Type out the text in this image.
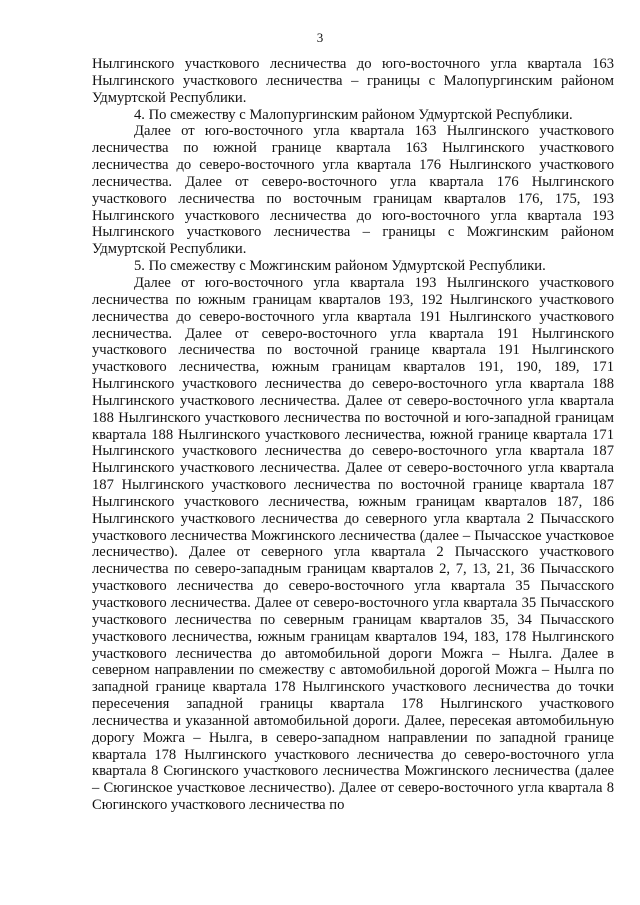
3

Нылгинского участкового лесничества до юго-восточного угла квартала 163 Нылгинского участкового лесничества – границы с Малопургинским районом Удмуртской Республики.

4. По смежеству с Малопургинским районом Удмуртской Республики.

Далее от юго-восточного угла квартала 163 Нылгинского участкового лесничества по южной границе квартала 163 Нылгинского участкового лесничества до северо-восточного угла квартала 176 Нылгинского участкового лесничества. Далее от северо-восточного угла квартала 176 Нылгинского участкового лесничества по восточным границам кварталов 176, 175, 193 Нылгинского участкового лесничества до юго-восточного угла квартала 193 Нылгинского участкового лесничества – границы с Можгинским районом Удмуртской Республики.

5. По смежеству с Можгинским районом Удмуртской Республики.

Далее от юго-восточного угла квартала 193 Нылгинского участкового лесничества по южным границам кварталов 193, 192 Нылгинского участкового лесничества до северо-восточного угла квартала 191 Нылгинского участкового лесничества. Далее от северо-восточного угла квартала 191 Нылгинского участкового лесничества по восточной границе квартала 191 Нылгинского участкового лесничества, южным границам кварталов 191, 190, 189, 171 Нылгинского участкового лесничества до северо-восточного угла квартала 188 Нылгинского участкового лесничества. Далее от северо-восточного угла квартала 188 Нылгинского участкового лесничества по восточной и юго-западной границам квартала 188 Нылгинского участкового лесничества, южной границе квартала 171 Нылгинского участкового лесничества до северо-восточного угла квартала 187 Нылгинского участкового лесничества. Далее от северо-восточного угла квартала 187 Нылгинского участкового лесничества по восточной границе квартала 187 Нылгинского участкового лесничества, южным границам кварталов 187, 186 Нылгинского участкового лесничества до северного угла квартала 2 Пычасского участкового лесничества Можгинского лесничества (далее – Пычасское участковое лесничество). Далее от северного угла квартала 2 Пычасского участкового лесничества по северо-западным границам кварталов 2, 7, 13, 21, 36 Пычасского участкового лесничества до северо-восточного угла квартала 35 Пычасского участкового лесничества. Далее от северо-восточного угла квартала 35 Пычасского участкового лесничества по северным границам кварталов 35, 34 Пычасского участкового лесничества, южным границам кварталов 194, 183, 178 Нылгинского участкового лесничества до автомобильной дороги Можга – Нылга. Далее в северном направлении по смежеству с автомобильной дорогой Можга – Нылга по западной границе квартала 178 Нылгинского участкового лесничества до точки пересечения западной границы квартала 178 Нылгинского участкового лесничества и указанной автомобильной дороги. Далее, пересекая автомобильную дорогу Можга – Нылга, в северо-западном направлении по западной границе квартала 178 Нылгинского участкового лесничества до северо-восточного угла квартала 8 Сюгинского участкового лесничества Можгинского лесничества (далее – Сюгинское участковое лесничество). Далее от северо-восточного угла квартала 8 Сюгинского участкового лесничества по
